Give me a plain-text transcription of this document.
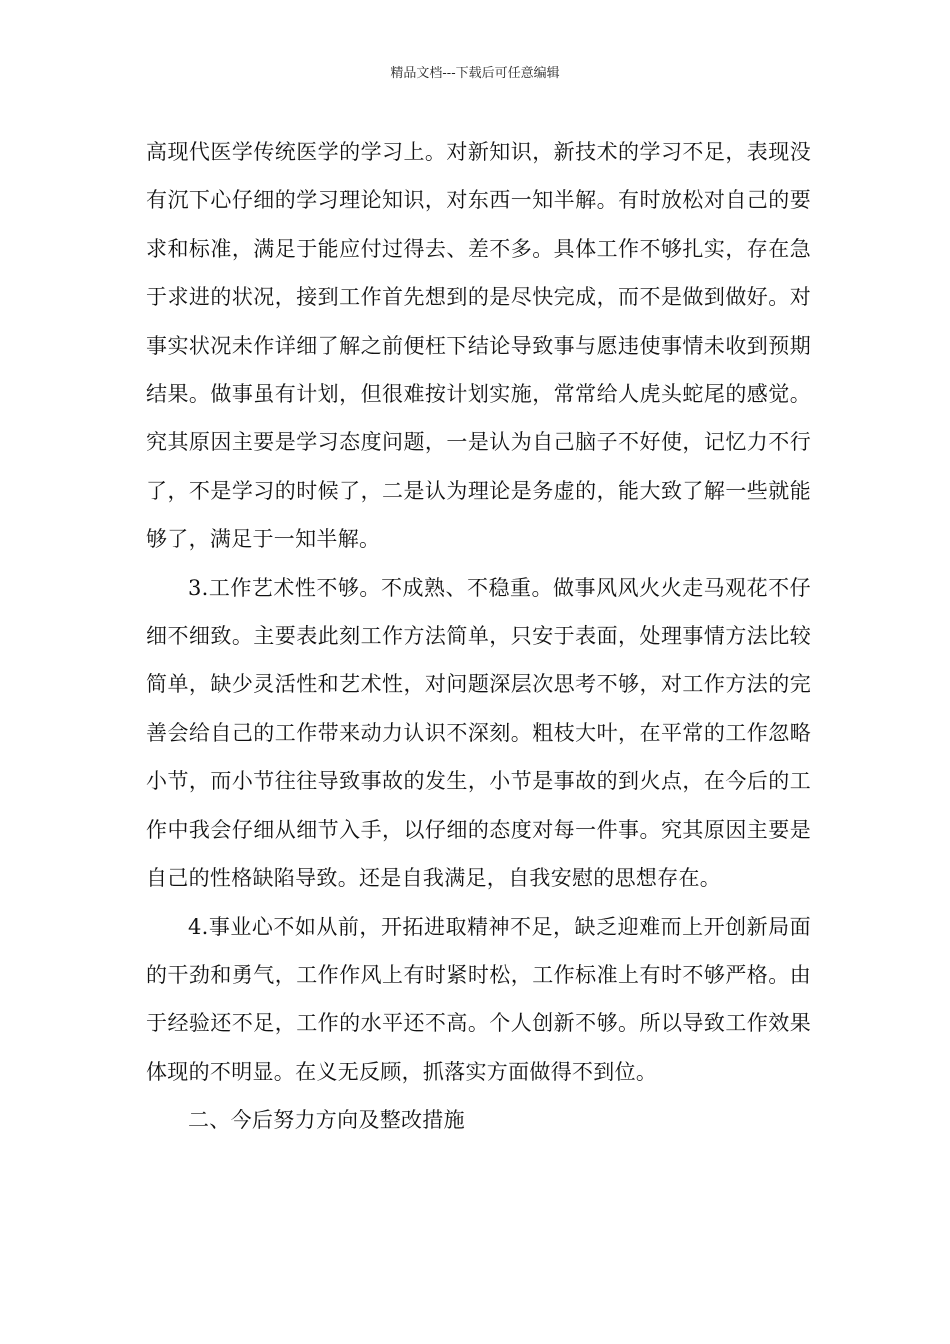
精品文档---下载后可任意编辑

高现代医学传统医学的学习上。对新知识，新技术的学习不足，表现没有沉下心仔细的学习理论知识，对东西一知半解。有时放松对自己的要求和标准，满足于能应付过得去、差不多。具体工作不够扎实，存在急于求进的状况，接到工作首先想到的是尽快完成，而不是做到做好。对事实状况未作详细了解之前便枉下结论导致事与愿违使事情未收到预期结果。做事虽有计划，但很难按计划实施，常常给人虎头蛇尾的感觉。究其原因主要是学习态度问题，一是认为自己脑子不好使，记忆力不行了，不是学习的时候了，二是认为理论是务虚的，能大致了解一些就能够了，满足于一知半解。

3.工作艺术性不够。不成熟、不稳重。做事风风火火走马观花不仔细不细致。主要表此刻工作方法简单，只安于表面，处理事情方法比较简单，缺少灵活性和艺术性，对问题深层次思考不够，对工作方法的完善会给自己的工作带来动力认识不深刻。粗枝大叶，在平常的工作忽略小节，而小节往往导致事故的发生，小节是事故的到火点，在今后的工作中我会仔细从细节入手，以仔细的态度对每一件事。究其原因主要是自己的性格缺陷导致。还是自我满足，自我安慰的思想存在。

4.事业心不如从前，开拓进取精神不足，缺乏迎难而上开创新局面的干劲和勇气，工作作风上有时紧时松，工作标准上有时不够严格。由于经验还不足，工作的水平还不高。个人创新不够。所以导致工作效果体现的不明显。在义无反顾，抓落实方面做得不到位。

二、今后努力方向及整改措施
